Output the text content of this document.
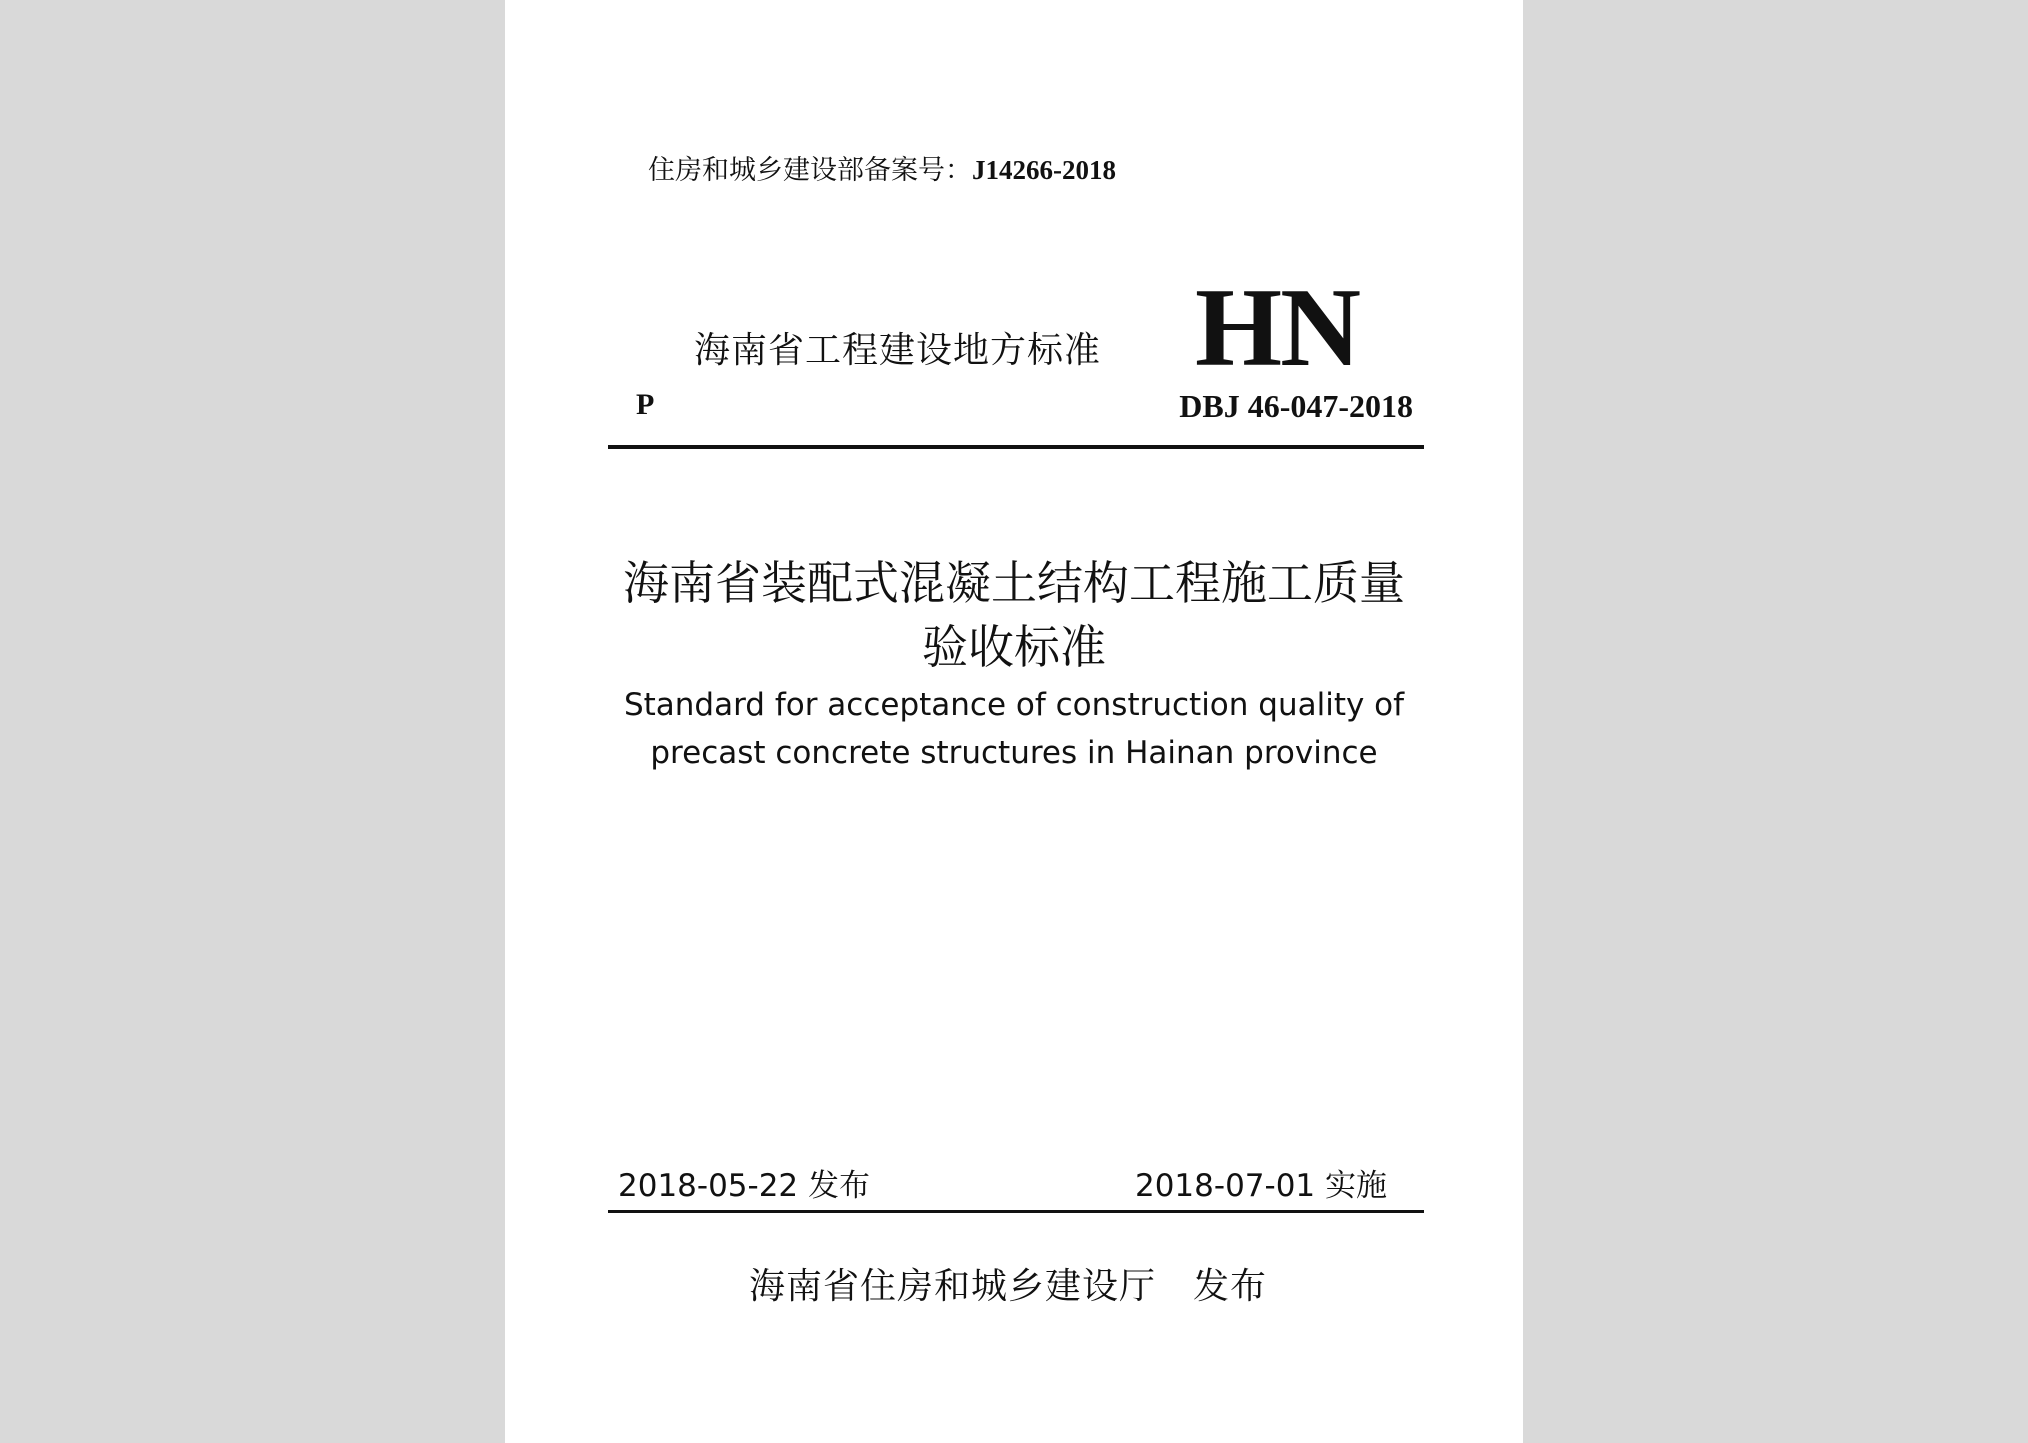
住房和城乡建设部备案号：J14266-2018
海南省工程建设地方标准 HN
P	DBJ 46-047-2018
海南省装配式混凝土结构工程施工质量
验收标准
Standard for acceptance of construction quality of
precast concrete structures in Hainan province
2018-05-22 发布	2018-07-01 实施
海南省住房和城乡建设厅　发布
